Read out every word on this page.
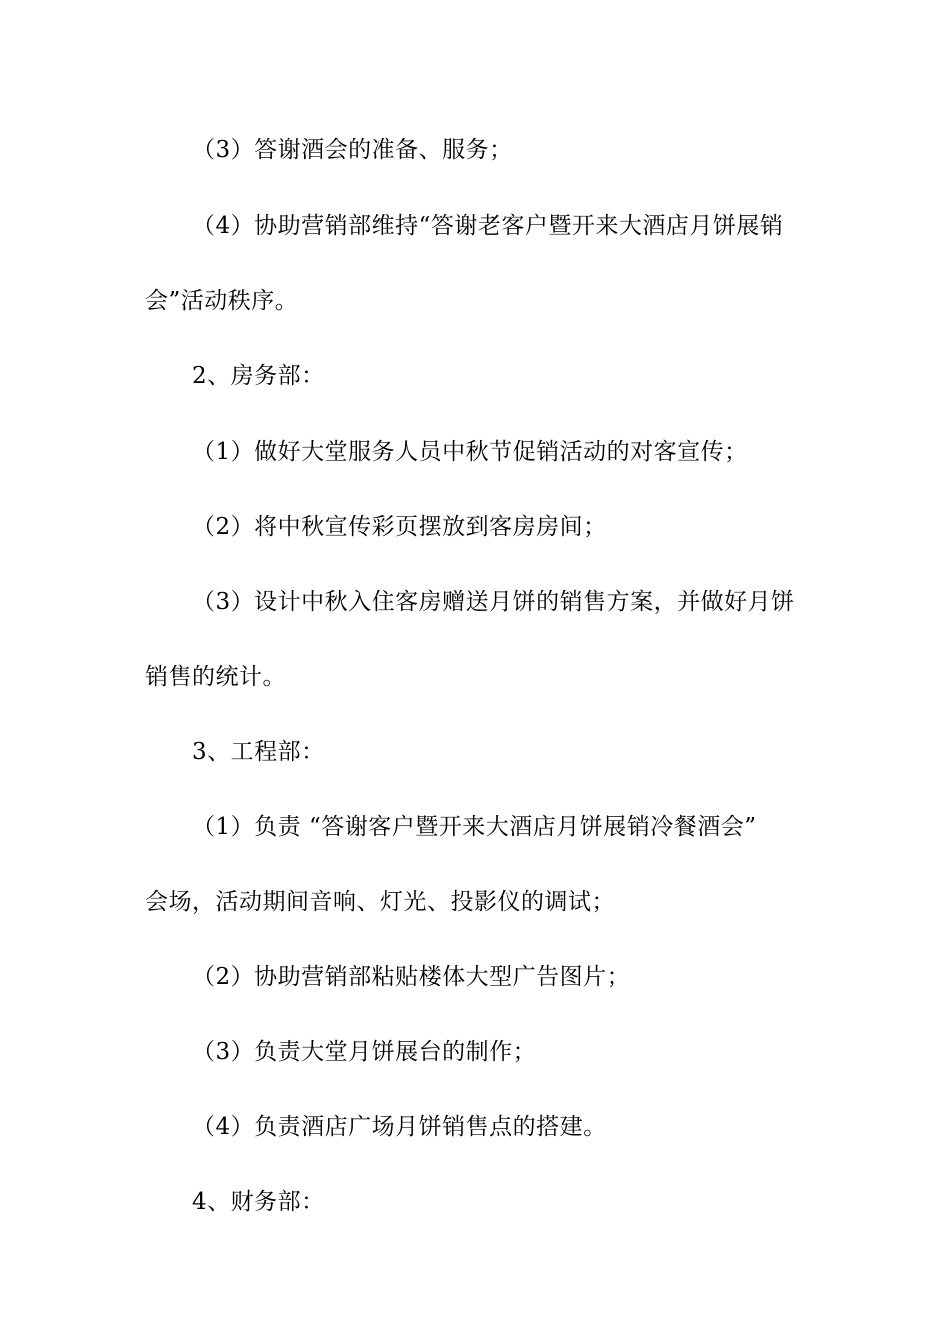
（3）答谢酒会的准备、服务；
（4）协助营销部维持“答谢老客户暨开来大酒店月饼展销
会”活动秩序。
2、房务部：
（1）做好大堂服务人员中秋节促销活动的对客宣传；
（2）将中秋宣传彩页摆放到客房房间；
（3）设计中秋入住客房赠送月饼的销售方案，并做好月饼
销售的统计。
3、工程部：
（1）负责 “答谢客户暨开来大酒店月饼展销冷餐酒会”
会场，活动期间音响、灯光、投影仪的调试；
（2）协助营销部粘贴楼体大型广告图片；
（3）负责大堂月饼展台的制作；
（4）负责酒店广场月饼销售点的搭建。
4、财务部：
